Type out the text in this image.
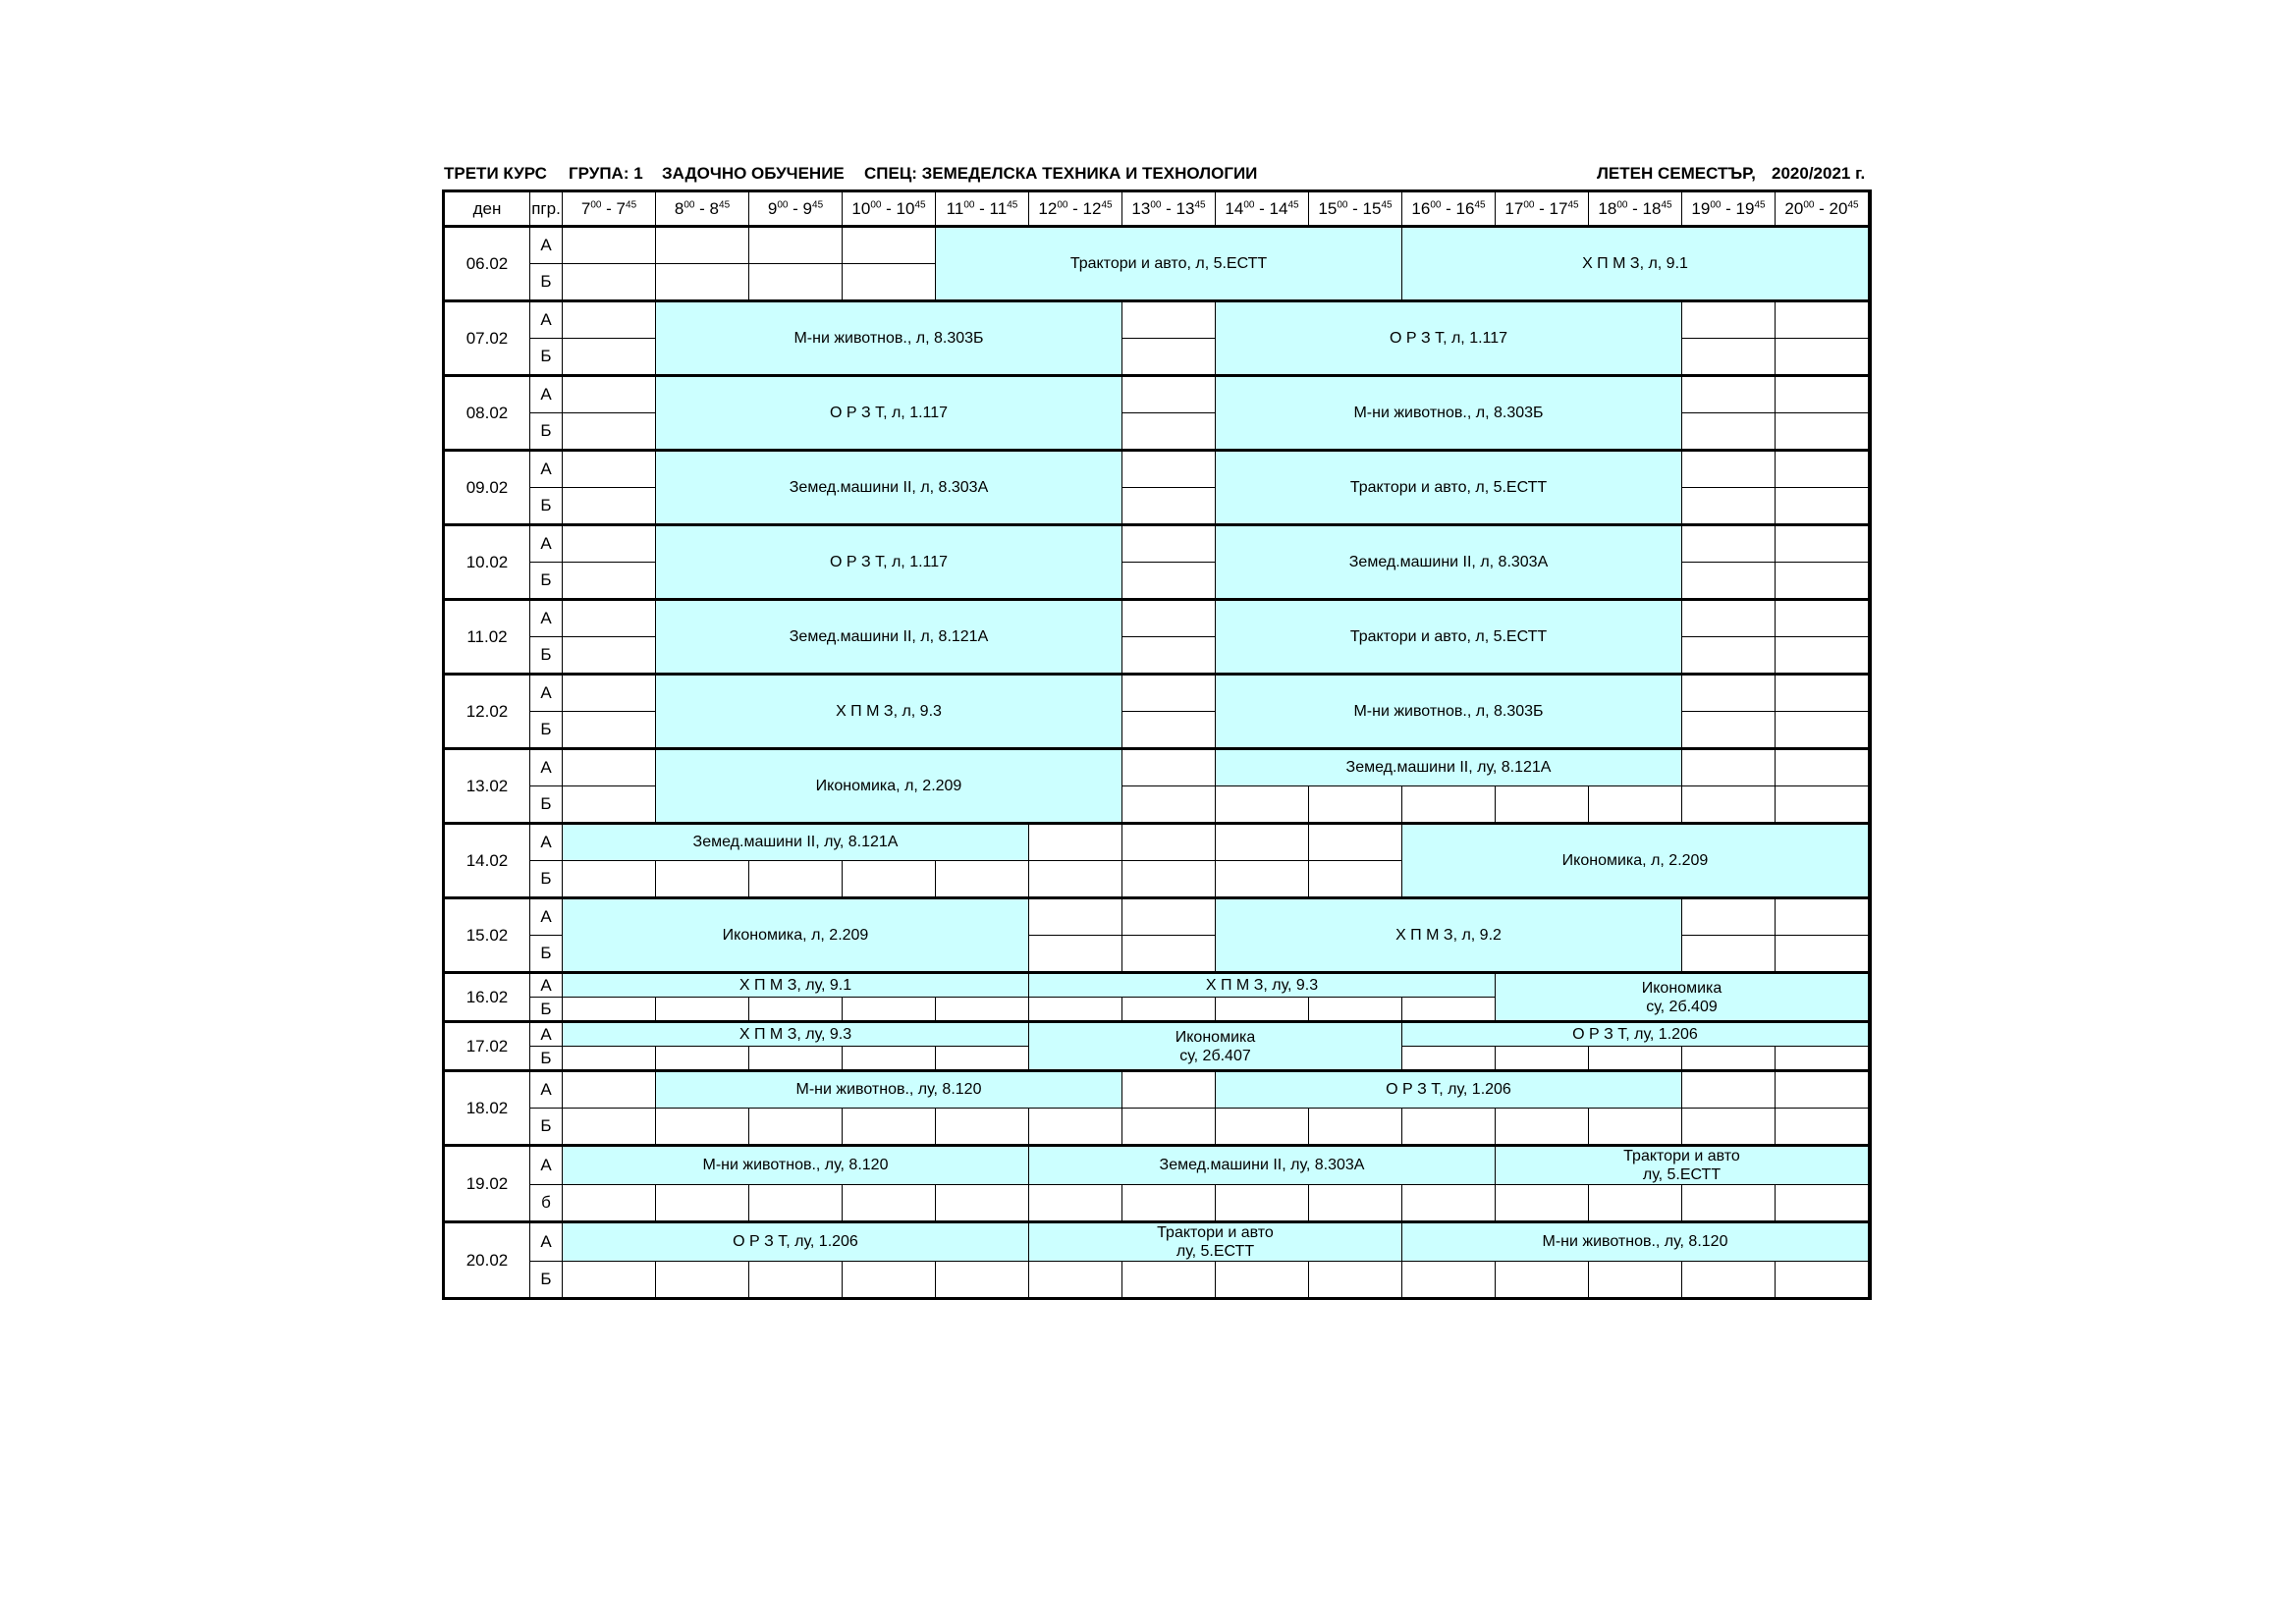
ТРЕТИ КУРС ГРУПА: 1 ЗАДОЧНО ОБУЧЕНИЕ СПЕЦ: ЗЕМЕДЕЛСКА ТЕХНИКА И ТЕХНОЛОГИИ	ЛЕТЕН СЕМЕСТЪР, 2020/2021 г.
ден	пгр.	$7^{00} - 7^{45}$	$8^{00} - 8^{45}$	$9^{00} - 9^{45}$	$10^{00} - 10^{45}$	$11^{00} - 11^{45}$	$12^{00} - 12^{45}$	$13^{00} - 13^{45}$	$14^{00} - 14^{45}$	$15^{00} - 15^{45}$	$16^{00} - 16^{45}$	$17^{00} - 17^{45}$	$18^{00} - 18^{45}$	$19^{00} - 19^{45}$	$20^{00} - 20^{45}$
06.02	А					Трактори и авто, л, 5.ЕСТТ					Х П М З, л, 9.1					

	Б															
07.02	А		М-ни животнов., л, 8.303Б						О Р З Т, л, 1.117							

	Б															
08.02	А		О Р З Т, л, 1.117						М-ни животнов., л, 8.303Б							

	Б															
09.02	А		Земед.машини II, л, 8.303А						Трактори и авто, л, 5.ЕСТТ							

	Б															
10.02	А		О Р З Т, л, 1.117						Земед.машини II, л, 8.303А							

	Б															
11.02	А		Земед.машини II, л, 8.121А						Трактори и авто, л, 5.ЕСТТ							

	Б															
12.02	А		Х П М З, л, 9.3						М-ни животнов., л, 8.303Б							

	Б															
13.02	А		Икономика, л, 2.209						Земед.машини II, лу, 8.121А							

	Б															
14.02	А	Земед.машини II, лу, 8.121А									Икономика, л, 2.209					

	Б															
15.02	А	Икономика, л, 2.209							Х П М З, л, 9.2							

	Б															
16.02	А	Х П М З, лу, 9.1					Х П М З, лу, 9.3					Икономика
су, 2б.409				

	Б															
17.02	А	Х П М З, лу, 9.3					Икономика
су, 2б.407				О Р З Т, лу, 1.206					

	Б															
18.02	А		М-ни животнов., лу, 8.120						О Р З Т, лу, 1.206							

	Б															
19.02	А	М-ни животнов., лу, 8.120					Земед.машини II, лу, 8.303А					Трактори и авто
лу, 5.ЕСТТ				

	б															
20.02	А	О Р З Т, лу, 1.206					Трактори и авто
лу, 5.ЕСТТ				М-ни животнов., лу, 8.120					

	Б															
